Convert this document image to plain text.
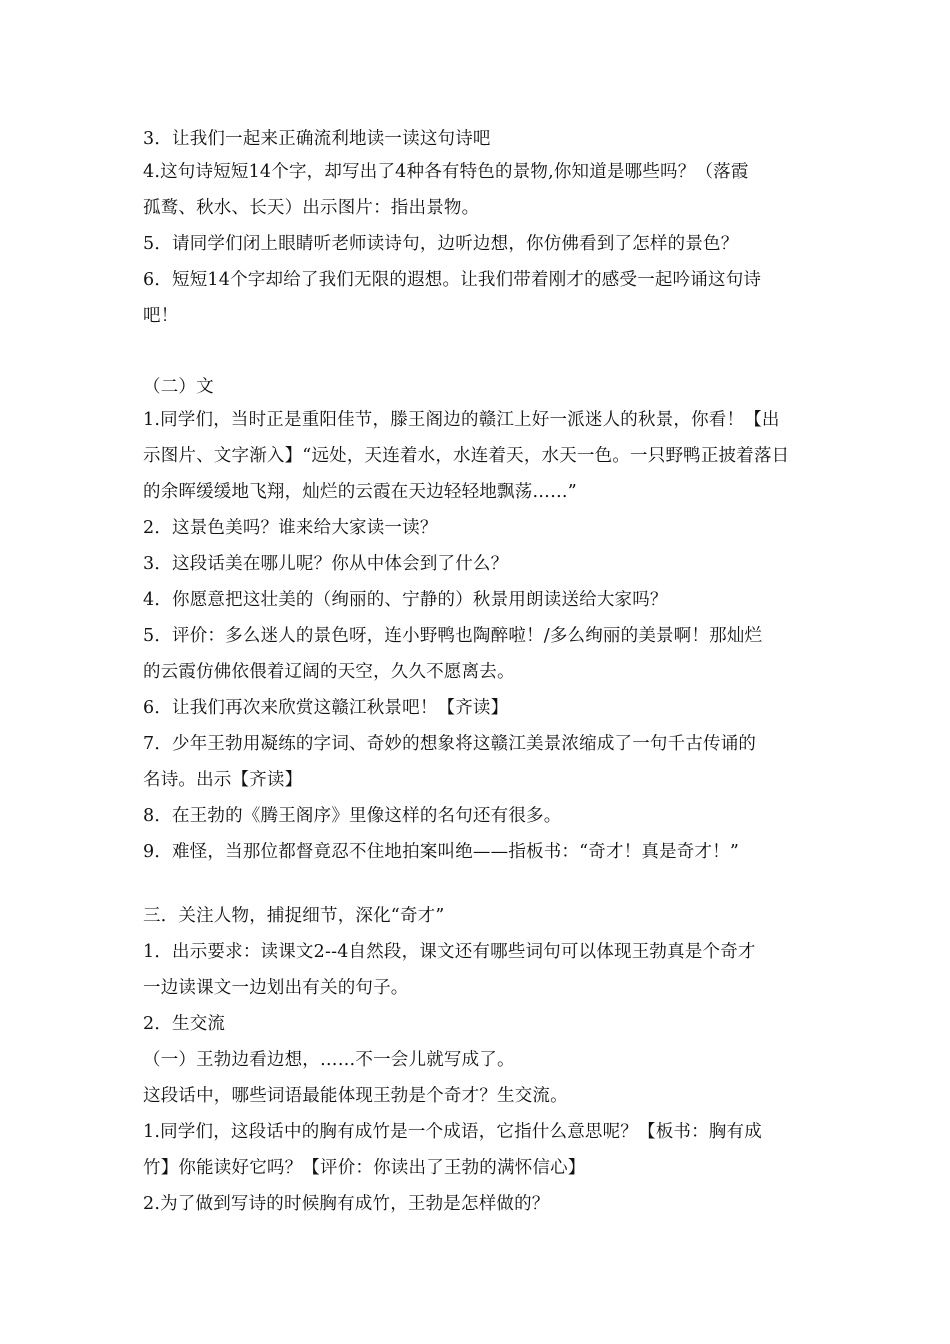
3．让我们一起来正确流利地读一读这句诗吧
4.这句诗短短14个字，却写出了4种各有特色的景物,你知道是哪些吗？（落霞
孤鹜、秋水、长天）出示图片：指出景物。
5．请同学们闭上眼睛听老师读诗句，边听边想，你仿佛看到了怎样的景色？
6．短短14个字却给了我们无限的遐想。让我们带着刚才的感受一起吟诵这句诗
吧！
（二）文
1.同学们，当时正是重阳佳节，滕王阁边的赣江上好一派迷人的秋景，你看！【出
示图片、文字渐入】“远处，天连着水，水连着天，水天一色。一只野鸭正披着落日
的余晖缓缓地飞翔，灿烂的云霞在天边轻轻地飘荡……”
2．这景色美吗？谁来给大家读一读？
3．这段话美在哪儿呢？你从中体会到了什么？
4．你愿意把这壮美的（绚丽的、宁静的）秋景用朗读送给大家吗？
5．评价：多么迷人的景色呀，连小野鸭也陶醉啦！/多么绚丽的美景啊！那灿烂
的云霞仿佛依偎着辽阔的天空，久久不愿离去。
6．让我们再次来欣赏这赣江秋景吧！【齐读】
7．少年王勃用凝练的字词、奇妙的想象将这赣江美景浓缩成了一句千古传诵的
名诗。出示【齐读】
8．在王勃的《腾王阁序》里像这样的名句还有很多。
9．难怪，当那位都督竟忍不住地拍案叫绝——指板书：“奇才！真是奇才！”
三．关注人物，捕捉细节，深化“奇才”
1．出示要求：读课文2--4自然段，课文还有哪些词句可以体现王勃真是个奇才
一边读课文一边划出有关的句子。
2．生交流
（一）王勃边看边想，……不一会儿就写成了。
这段话中，哪些词语最能体现王勃是个奇才？生交流。
1.同学们，这段话中的胸有成竹是一个成语，它指什么意思呢？【板书：胸有成
竹】你能读好它吗？【评价：你读出了王勃的满怀信心】
2.为了做到写诗的时候胸有成竹，王勃是怎样做的？
